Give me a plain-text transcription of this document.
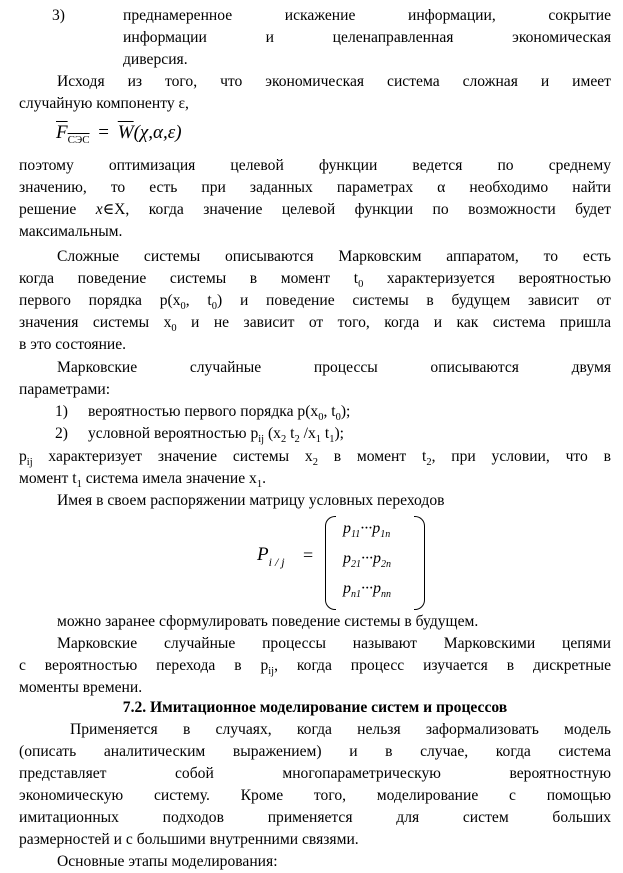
3)	преднамеренное искажение информации, сокрытие
информации и целенаправленная экономическая
диверсия.
Исходя из того, что экономическая система сложная и имеет
случайную компоненту ε,
$F_{СЭС} = \overline{W}(\chi,\alpha,\varepsilon)$
поэтому оптимизация целевой функции ведется по среднему
значению, то есть при заданных параметрах α необходимо найти
решение x∈X, когда значение целевой функции по возможности будет
максимальным.
Сложные системы описываются Марковским аппаратом, то есть
когда поведение системы в момент $t_0$ характеризуется вероятностью
первого порядка $p(x_0$, $t_0$) и поведение системы в будущем зависит от
значения системы $x_0$ и не зависит от того, когда и как система пришла
в это состояние.
Марковские случайные процессы описываются двумя
параметрами:
1) вероятностью первого порядка $p(x_0$, $t_0$);
2) условной вероятностью $p_{ij}$ ($x_2$ $t_2$ $/x_1$ $t_1$);
$p_{ij}$ характеризует значение системы $x_2$ в момент $t_2$, при условии, что в
момент $t_1$ система имела значение $x_1$.
Имея в своем распоряжении матрицу условных переходов
$P_{i / j}$ =
$p_{11}\cdot\cdot\cdot p_{1n}$
$p_{21}\cdot\cdot\cdot p_{2n}$
$p_{n1}\cdot\cdot\cdot p_{nn}$
можно заранее сформулировать поведение системы в будущем.
Марковские случайные процессы называют Марковскими цепями
с вероятностью перехода в $p_{ij}$, когда процесс изучается в дискретные
моменты времени.
7.2. Имитационное моделирование систем и процессов
Применяется в случаях, когда нельзя заформализовать модель
(описать аналитическим выражением) и в случае, когда система
представляет собой многопараметрическую вероятностную
экономическую систему. Кроме того, моделирование с помощью
имитационных подходов применяется для систем больших
размерностей и с большими внутренними связями.
Основные этапы моделирования:
